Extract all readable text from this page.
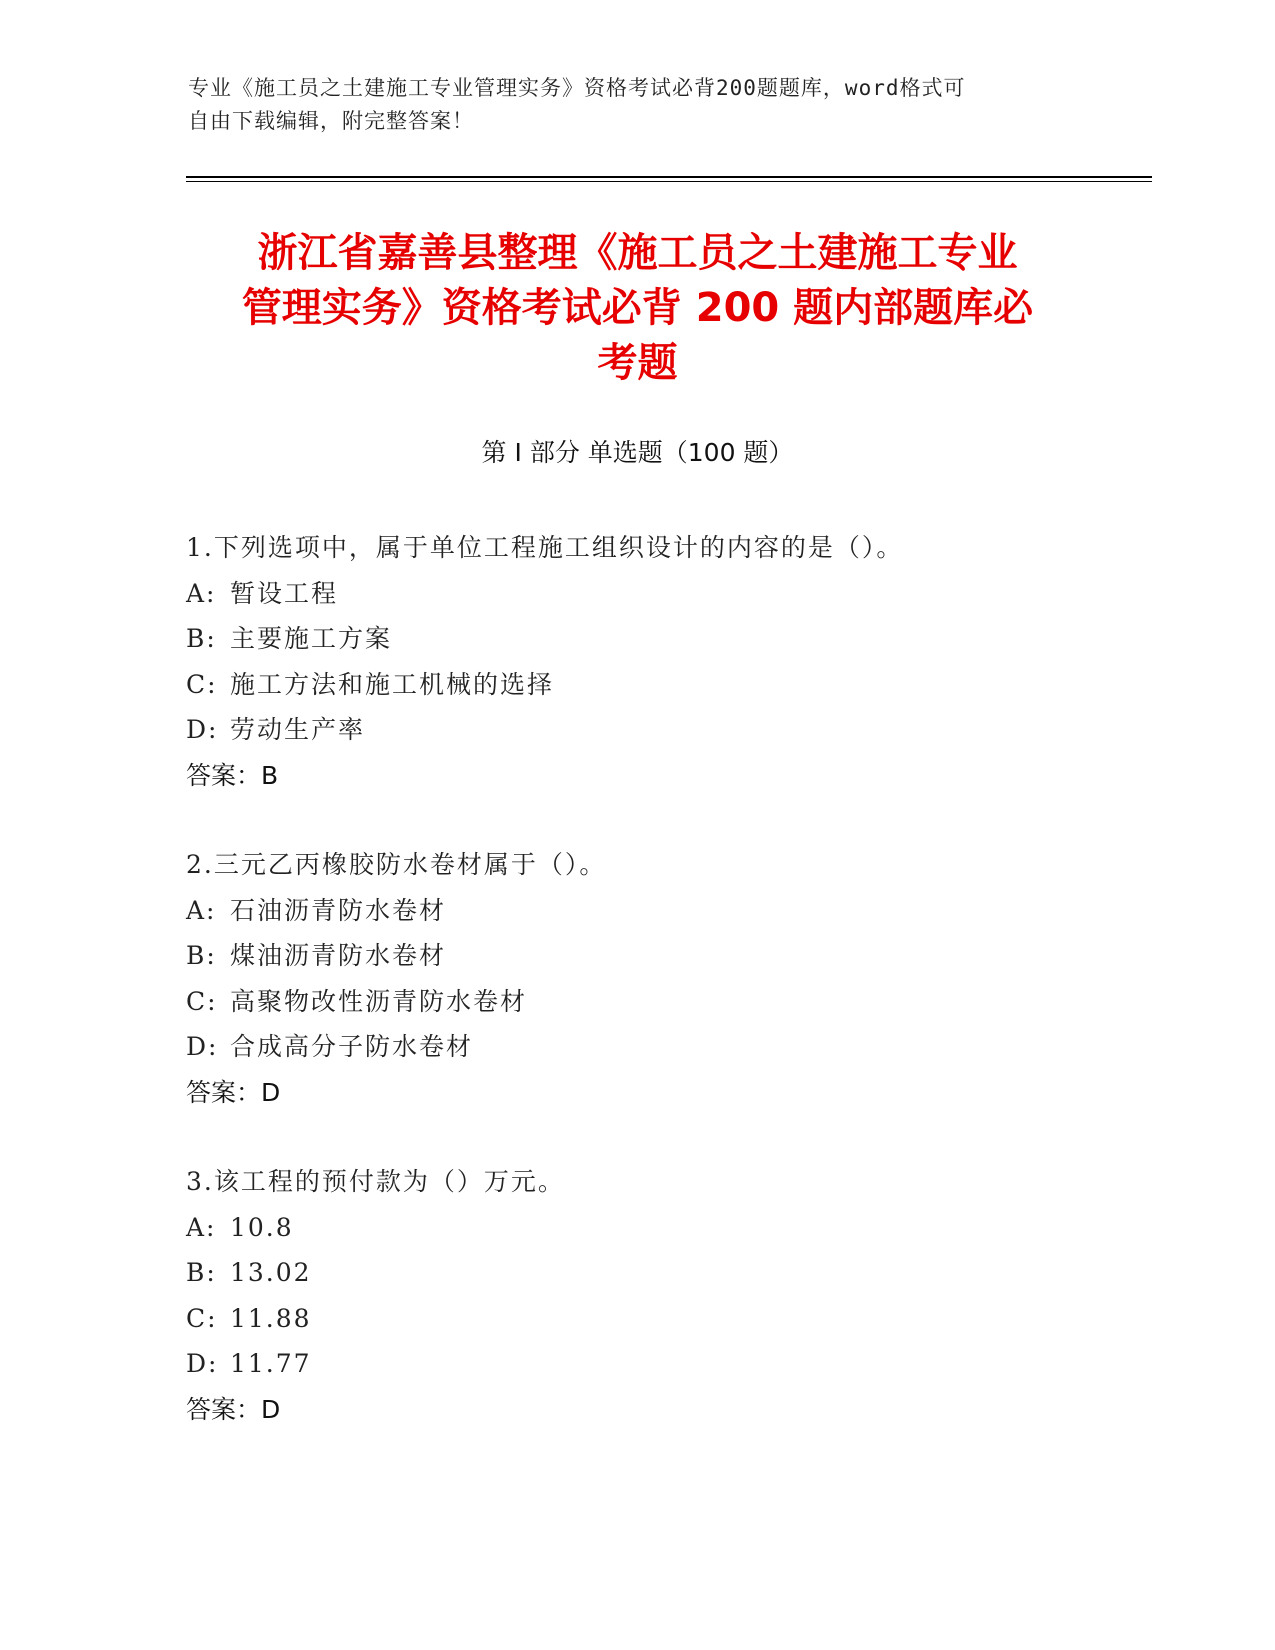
专业《施工员之土建施工专业管理实务》资格考试必背200题题库，word格式可
自由下载编辑，附完整答案！
浙江省嘉善县整理《施工员之土建施工专业
管理实务》资格考试必背 200 题内部题库必
考题
第 I 部分 单选题（100 题）
1.下列选项中，属于单位工程施工组织设计的内容的是（）。
A: 暂设工程
B: 主要施工方案
C: 施工方法和施工机械的选择
D: 劳动生产率
答案：B
2.三元乙丙橡胶防水卷材属于（）。
A: 石油沥青防水卷材
B: 煤油沥青防水卷材
C: 高聚物改性沥青防水卷材
D: 合成高分子防水卷材
答案：D
3.该工程的预付款为（）万元。
A: 10.8
B: 13.02
C: 11.88
D: 11.77
答案：D
